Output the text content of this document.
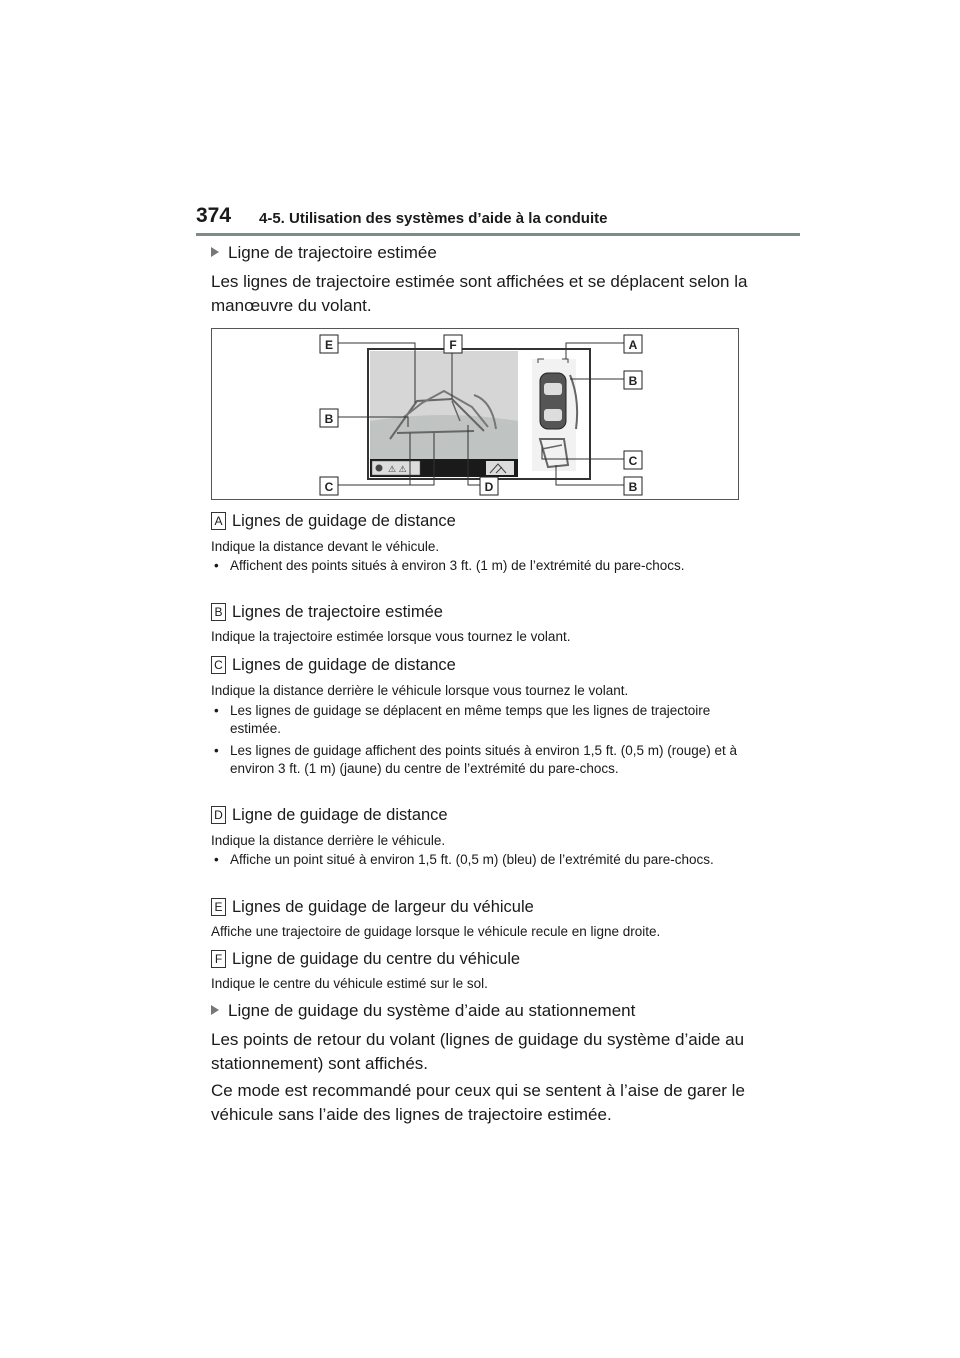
374 4-5. Utilisation des systèmes d’aide à la conduite
Ligne de trajectoire estimée
Les lignes de trajectoire estimée sont affichées et se déplacent selon la manœuvre du volant.
⚠ ⚠
E	F	A
B
B
C
C	D	B
A Lignes de guidage de distance
Indique la distance devant le véhicule.
• Affichent des points situés à environ 3 ft. (1 m) de l’extrémité du pare-chocs.
B Lignes de trajectoire estimée
Indique la trajectoire estimée lorsque vous tournez le volant.
C Lignes de guidage de distance
Indique la distance derrière le véhicule lorsque vous tournez le volant.
• Les lignes de guidage se déplacent en même temps que les lignes de trajectoire estimée.
• Les lignes de guidage affichent des points situés à environ 1,5 ft. (0,5 m) (rouge) et à environ 3 ft. (1 m) (jaune) du centre de l’extrémité du pare-chocs.
D Ligne de guidage de distance
Indique la distance derrière le véhicule.
• Affiche un point situé à environ 1,5 ft. (0,5 m) (bleu) de l’extrémité du pare-chocs.
E Lignes de guidage de largeur du véhicule
Affiche une trajectoire de guidage lorsque le véhicule recule en ligne droite.
F Ligne de guidage du centre du véhicule
Indique le centre du véhicule estimé sur le sol.
Ligne de guidage du système d’aide au stationnement
Les points de retour du volant (lignes de guidage du système d’aide au stationnement) sont affichés.
Ce mode est recommandé pour ceux qui se sentent à l’aise de garer le véhicule sans l’aide des lignes de trajectoire estimée.
